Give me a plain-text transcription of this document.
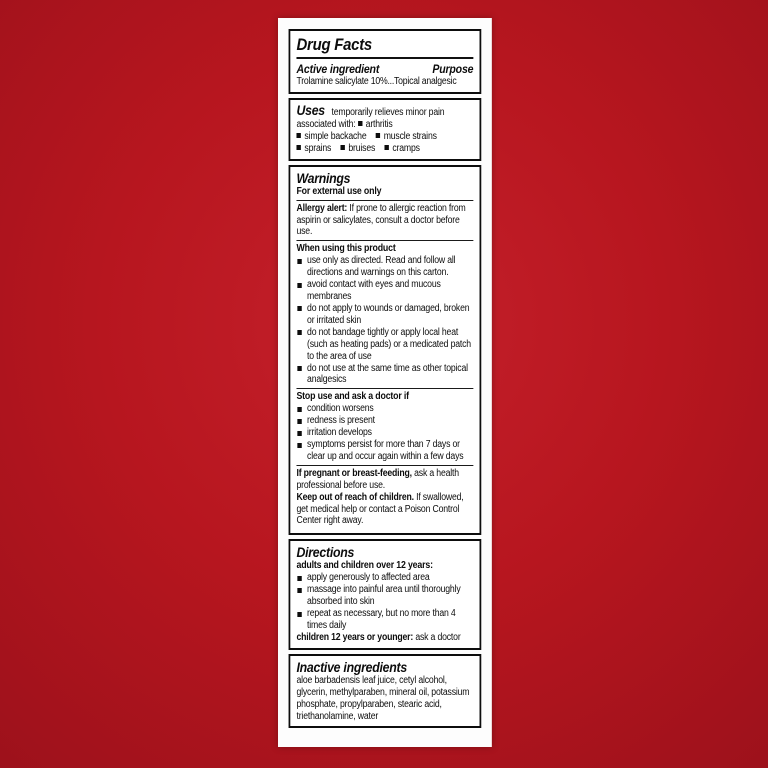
Drug Facts
Active ingredient	Purpose
Trolamine salicylate 10%...Topical analgesic

Uses temporarily relieves minor pain associated with: arthritis simple backache muscle strains sprains bruises cramps

Warnings

For external use only

Allergy alert: If prone to allergic reaction from aspirin or salicylates, consult a doctor before use.

When using this product

use only as directed. Read and follow all directions and warnings on this carton.
avoid contact with eyes and mucous membranes
do not apply to wounds or damaged, broken or irritated skin
do not bandage tightly or apply local heat (such as heating pads) or a medicated patch to the area of use
do not use at the same time as other topical analgesics

Stop use and ask a doctor if

condition worsens
redness is present
irritation develops
symptoms persist for more than 7 days or clear up and occur again within a few days

If pregnant or breast-feeding, ask a health professional before use.

Keep out of reach of children. If swallowed, get medical help or contact a Poison Control Center right away.

Directions

adults and children over 12 years:

apply generously to affected area
massage into painful area until thoroughly absorbed into skin
repeat as necessary, but no more than 4 times daily

children 12 years or younger: ask a doctor

Inactive ingredients

aloe barbadensis leaf juice, cetyl alcohol, glycerin, methylparaben, mineral oil, potassium phosphate, propylparaben, stearic acid, triethanolamine, water
